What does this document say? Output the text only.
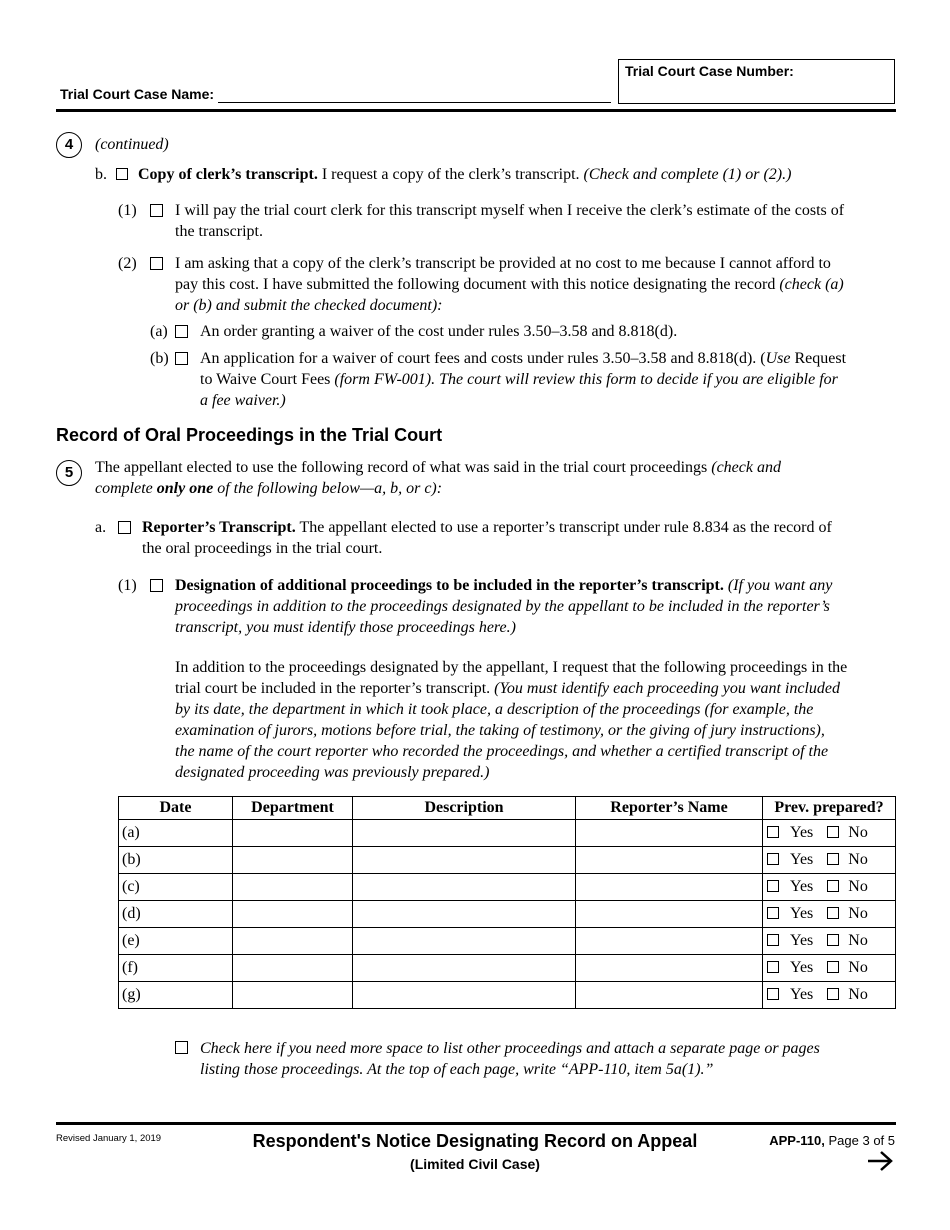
Trial Court Case Name:
Trial Court Case Number:
4	(continued)
b. Copy of clerk’s transcript. I request a copy of the clerk’s transcript. (Check and complete (1) or (2).)
(1) I will pay the trial court clerk for this transcript myself when I receive the clerk’s estimate of the costs of
the transcript.
(2) I am asking that a copy of the clerk’s transcript be provided at no cost to me because I cannot afford to
pay this cost. I have submitted the following document with this notice designating the record (check (a)
or (b) and submit the checked document):
(a) An order granting a waiver of the cost under rules 3.50–3.58 and 8.818(d).
(b) An application for a waiver of court fees and costs under rules 3.50–3.58 and 8.818(d). (Use Request
to Waive Court Fees (form FW-001). The court will review this form to decide if you are eligible for
a fee waiver.)
Record of Oral Proceedings in the Trial Court
5	The appellant elected to use the following record of what was said in the trial court proceedings (check and
complete only one of the following below—a, b, or c):
a. Reporter’s Transcript. The appellant elected to use a reporter’s transcript under rule 8.834 as the record of
the oral proceedings in the trial court.
(1) Designation of additional proceedings to be included in the reporter’s transcript. (If you want any
proceedings in addition to the proceedings designated by the appellant to be included in the reporter’s
transcript, you must identify those proceedings here.)
In addition to the proceedings designated by the appellant, I request that the following proceedings in the
trial court be included in the reporter’s transcript. (You must identify each proceeding you want included
by its date, the department in which it took place, a description of the proceedings (for example, the
examination of jurors, motions before trial, the taking of testimony, or the giving of jury instructions),
the name of the court reporter who recorded the proceedings, and whether a certified transcript of the
designated proceeding was previously prepared.)
Date	Department	Description	Reporter’s Name	Prev. prepared?
(a)				Yes No
(b)				Yes No
(c)				Yes No
(d)				Yes No
(e)				Yes No
(f)				Yes No
(g)				Yes No
Check here if you need more space to list other proceedings and attach a separate page or pages
listing those proceedings. At the top of each page, write “APP-110, item 5a(1).”
Revised January 1, 2019	Respondent's Notice Designating Record on Appeal
(Limited Civil Case)
APP-110, Page 3 of 5
